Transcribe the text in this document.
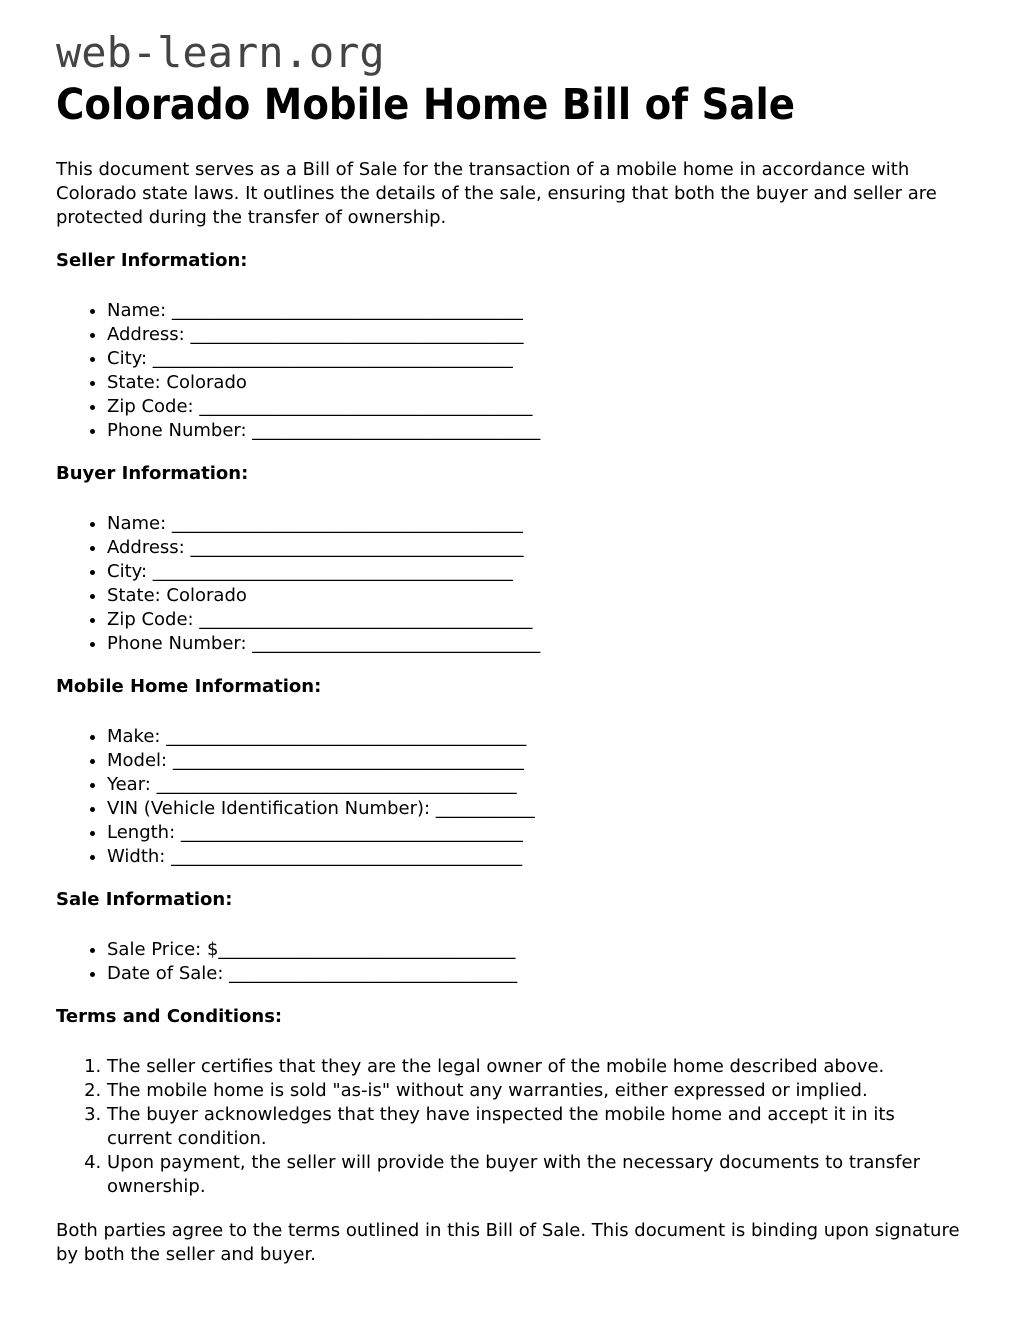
web-learn.org
Colorado Mobile Home Bill of Sale

This document serves as a Bill of Sale for the transaction of a mobile home in accordance with Colorado state laws. It outlines the details of the sale, ensuring that both the buyer and seller are protected during the transfer of ownership.

Seller Information:
• Name: _______________________________________
• Address: _____________________________________
• City: ________________________________________
• State: Colorado
• Zip Code: _____________________________________
• Phone Number: ________________________________
Buyer Information:
• Name: _______________________________________
• Address: _____________________________________
• City: ________________________________________
• State: Colorado
• Zip Code: _____________________________________
• Phone Number: ________________________________
Mobile Home Information:
• Make: ________________________________________
• Model: _______________________________________
• Year: ________________________________________
• VIN (Vehicle Identification Number): ___________
• Length: ______________________________________
• Width: _______________________________________
Sale Information:
• Sale Price: $_________________________________
• Date of Sale: ________________________________
Terms and Conditions:
1. The seller certifies that they are the legal owner of the mobile home described above.
2. The mobile home is sold "as-is" without any warranties, either expressed or implied.
3. The buyer acknowledges that they have inspected the mobile home and accept it in its current condition.
4. Upon payment, the seller will provide the buyer with the necessary documents to transfer ownership.

Both parties agree to the terms outlined in this Bill of Sale. This document is binding upon signature by both the seller and buyer.
